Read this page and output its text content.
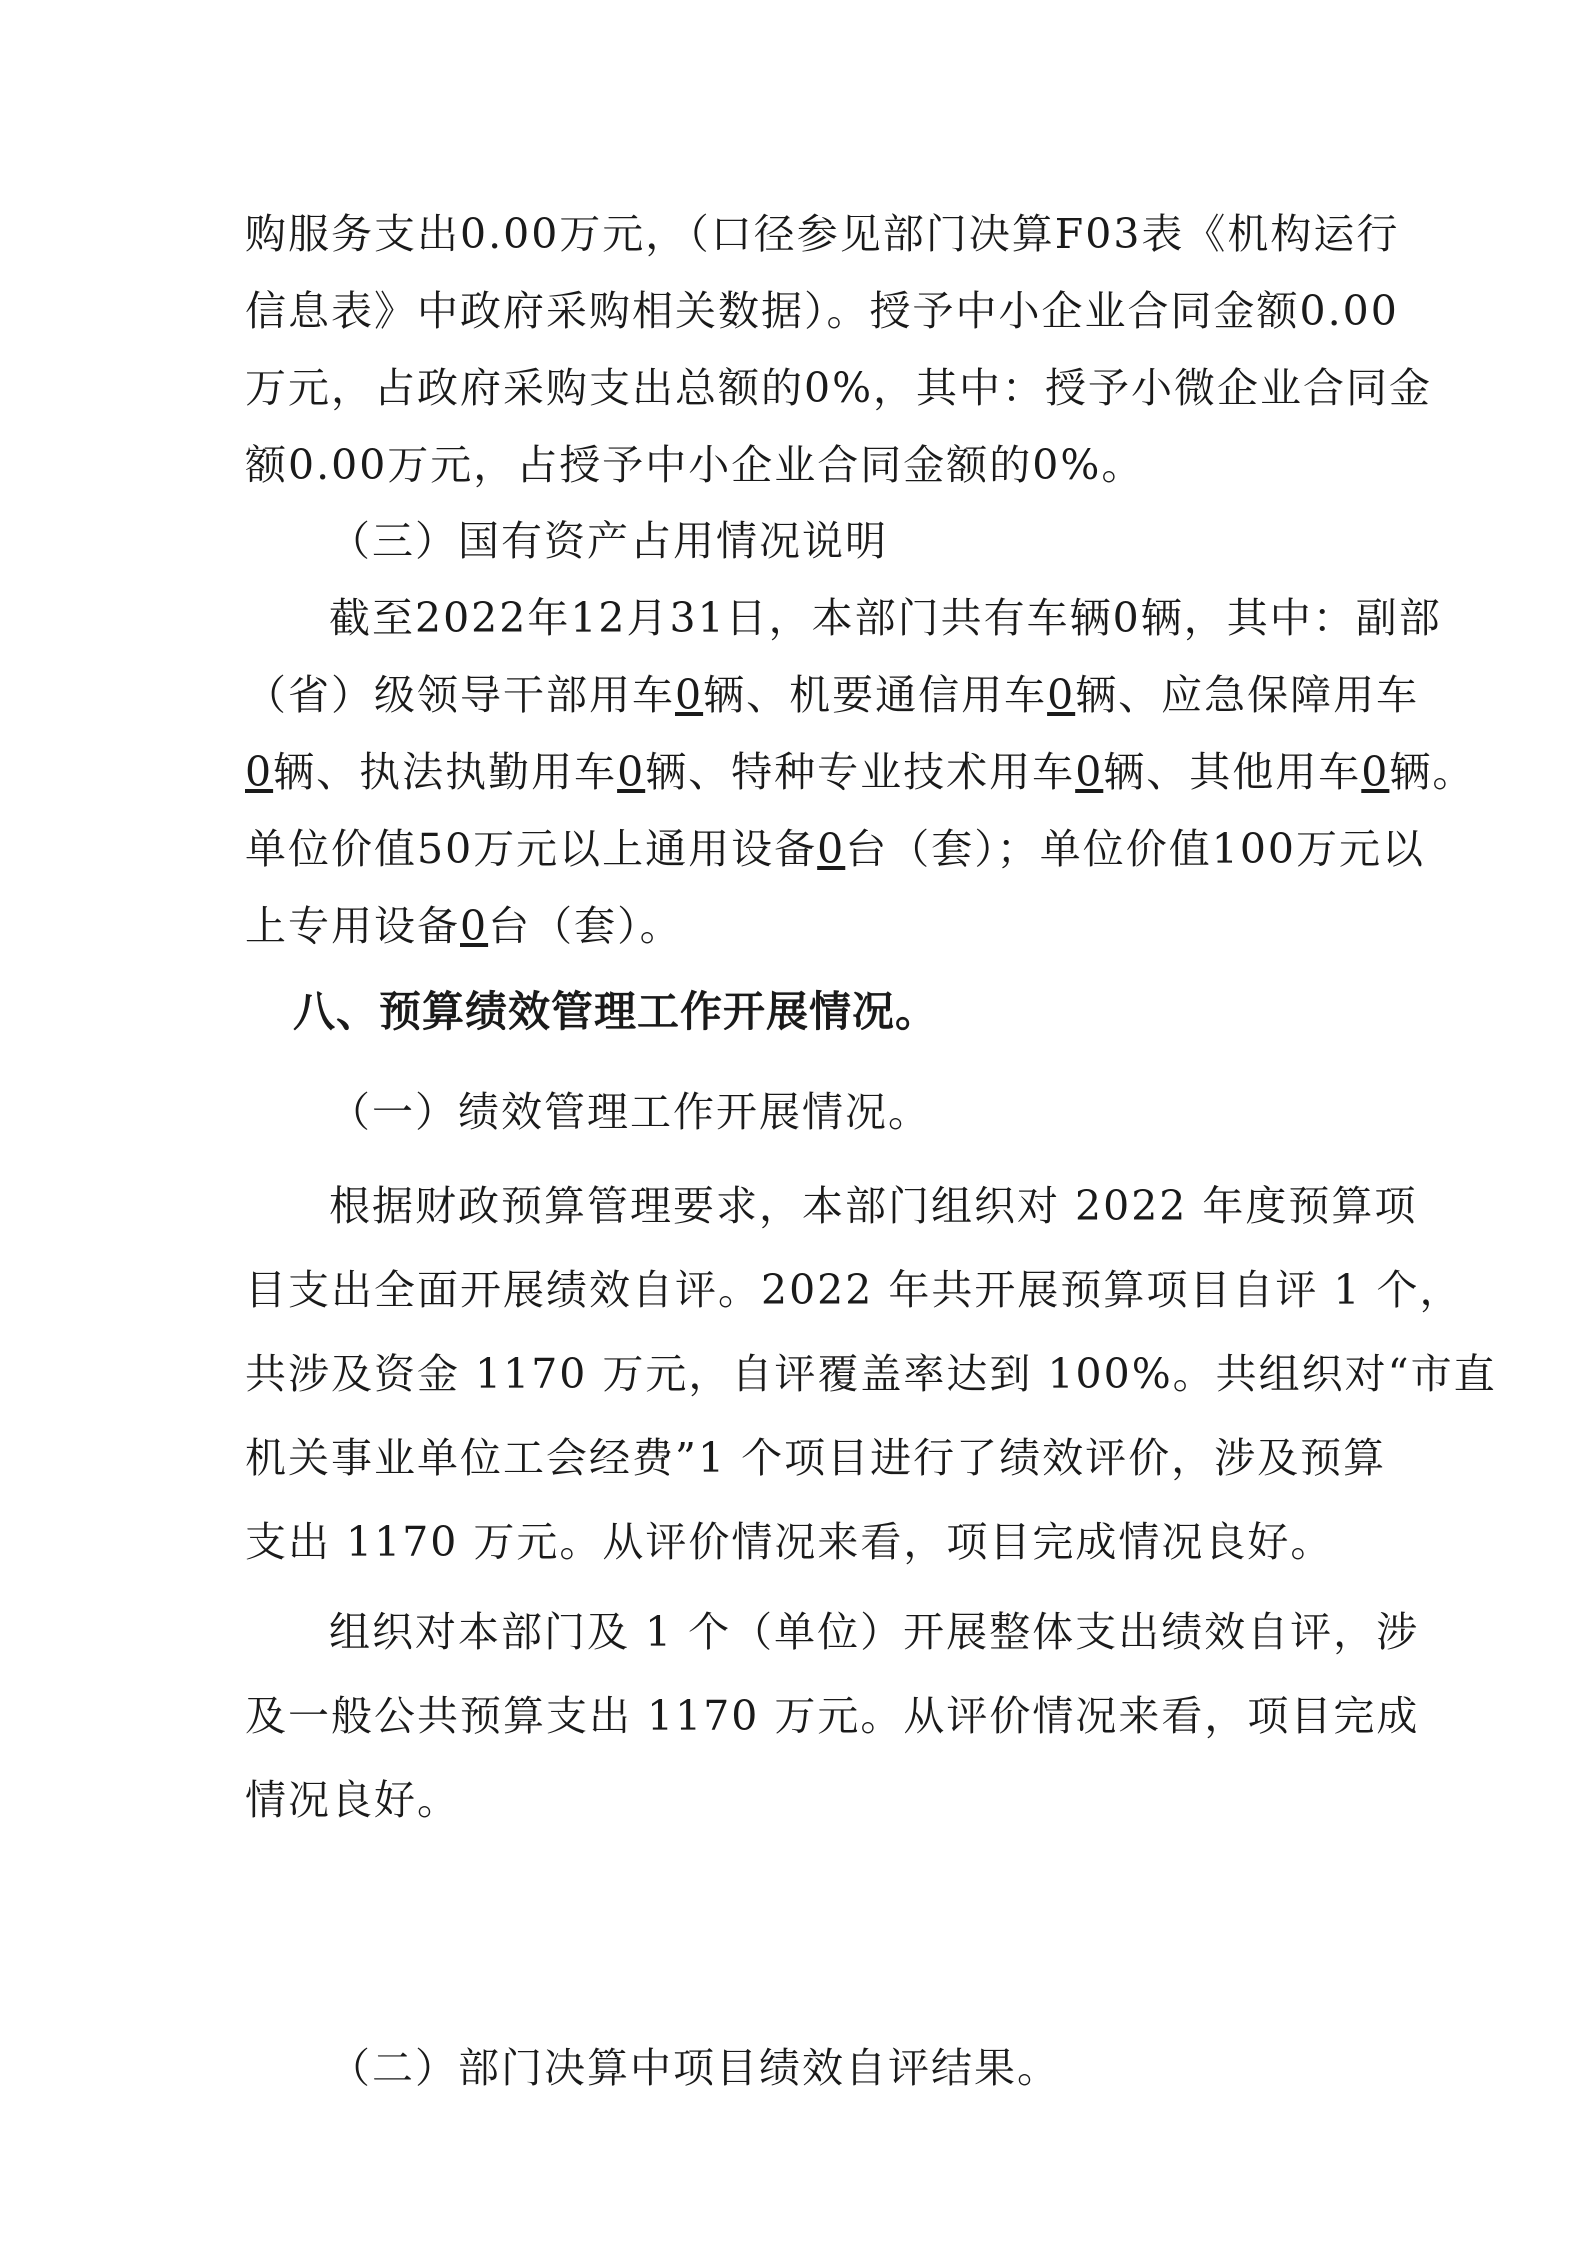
购服务支出0.00万元，（口径参见部门决算F03表《机构运行
信息表》中政府采购相关数据）。授予中小企业合同金额0.00
万元，占政府采购支出总额的0%，其中：授予小微企业合同金
额0.00万元，占授予中小企业合同金额的0%。
（三）国有资产占用情况说明
截至2022年12月31日，本部门共有车辆0辆，其中：副部
（省）级领导干部用车0辆、机要通信用车0辆、应急保障用车
0辆、执法执勤用车0辆、特种专业技术用车0辆、其他用车0辆。
单位价值50万元以上通用设备0台（套）；单位价值100万元以
上专用设备0台（套）。
八、预算绩效管理工作开展情况。
（一）绩效管理工作开展情况。
根据财政预算管理要求，本部门组织对 2022 年度预算项
目支出全面开展绩效自评。2022 年共开展预算项目自评 1 个，
共涉及资金 1170 万元，自评覆盖率达到 100%。共组织对“市直
机关事业单位工会经费”1 个项目进行了绩效评价，涉及预算
支出 1170 万元。从评价情况来看，项目完成情况良好。
组织对本部门及 1 个（单位）开展整体支出绩效自评，涉
及一般公共预算支出 1170 万元。从评价情况来看，项目完成
情况良好。
（二）部门决算中项目绩效自评结果。
